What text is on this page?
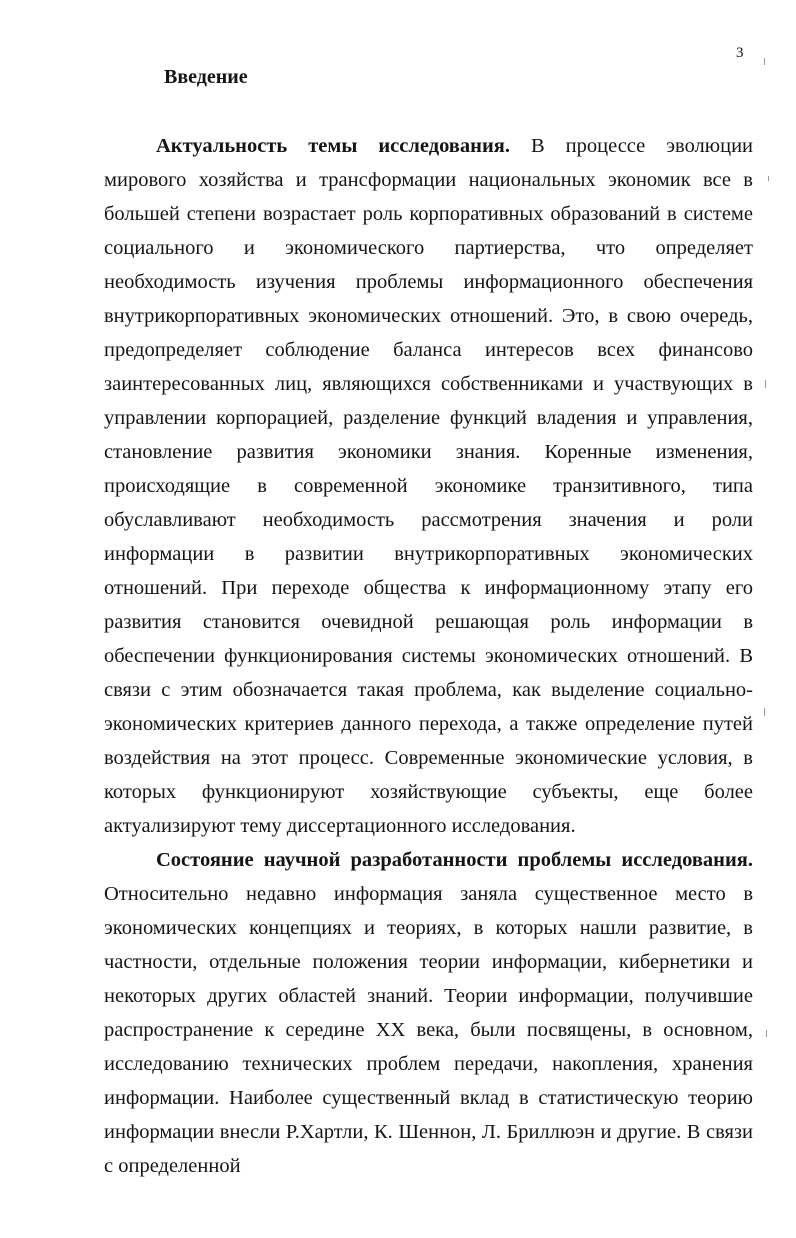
3
Введение

Актуальность темы исследования. В процессе эволюции мирового хозяйства и трансформации национальных экономик все в большей степени возрастает роль корпоративных образований в системе социального и экономического партиерства, что определяет необходимость изучения проблемы информационного обеспечения внутрикорпоративных экономических отношений. Это, в свою очередь, предопределяет соблюдение баланса интересов всех финансово заинтересованных лиц, являющихся собственниками и участвующих в управлении корпорацией, разделение функций владения и управления, становление развития экономики знания. Коренные изменения, происходящие в современной экономике транзитивного, типа обуславливают необходимость рассмотрения значения и роли информации в развитии внутрикорпоративных экономических отношений. При переходе общества к информационному этапу его развития становится очевидной решающая роль информации в обеспечении функционирования системы экономических отношений. В связи с этим обозначается такая проблема, как выделение социально-экономических критериев данного перехода, а также определение путей воздействия на этот процесс. Современные экономические условия, в которых функционируют хозяйствующие субъекты, еще более актуализируют тему диссертационного исследования.

Состояние научной разработанности проблемы исследования. Относительно недавно информация заняла существенное место в экономических концепциях и теориях, в которых нашли развитие, в частности, отдельные положения теории информации, кибернетики и некоторых других областей знаний. Теории информации, получившие распространение к середине XX века, были посвящены, в основном, исследованию технических проблем передачи, накопления, хранения информации. Наиболее существенный вклад в статистическую теорию информации внесли Р.Хартли, К. Шеннон, Л. Бриллюэн и другие. В связи с определенной
